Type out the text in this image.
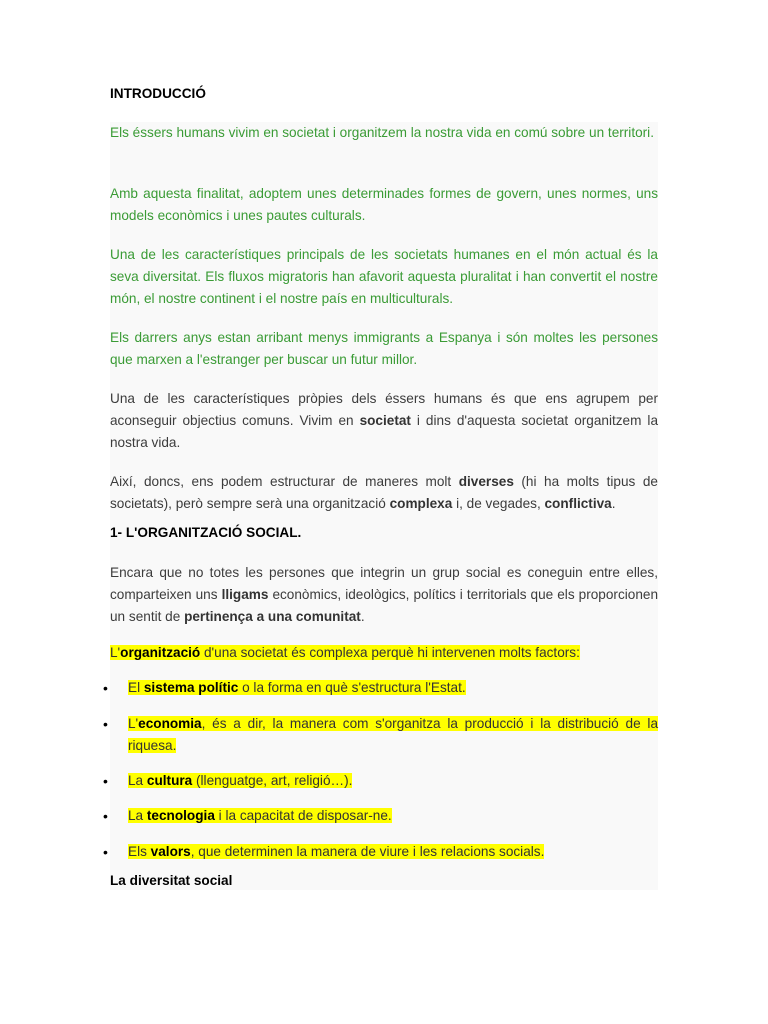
INTRODUCCIÓ

Els éssers humans vivim en societat i organitzem la nostra vida en comú sobre un territori.

Amb aquesta finalitat, adoptem unes determinades formes de govern, unes normes, uns models econòmics i unes pautes culturals.

Una de les característiques principals de les societats humanes en el món actual és la seva diversitat. Els fluxos migratoris han afavorit aquesta pluralitat i han convertit el nostre món, el nostre continent i el nostre país en multiculturals.

Els darrers anys estan arribant menys immigrants a Espanya i són moltes les persones que marxen a l'estranger per buscar un futur millor.

Una de les característiques pròpies dels éssers humans és que ens agrupem per aconseguir objectius comuns. Vivim en societat i dins d'aquesta societat organitzem la nostra vida.

Així, doncs, ens podem estructurar de maneres molt diverses (hi ha molts tipus de societats), però sempre serà una organització complexa i, de vegades, conflictiva.

1- L'ORGANITZACIÓ SOCIAL.

Encara que no totes les persones que integrin un grup social es coneguin entre elles, comparteixen uns lligams econòmics, ideològics, polítics i territorials que els proporcionen un sentit de pertinença a una comunitat.

L'organització d'una societat és complexa perquè hi intervenen molts factors:

• El sistema polític o la forma en què s'estructura l'Estat.
• L'economia, és a dir, la manera com s'organitza la producció i la distribució de la riquesa.
• La cultura (llenguatge, art, religió…).
• La tecnologia i la capacitat de disposar-ne.
• Els valors, que determinen la manera de viure i les relacions socials.
La diversitat social
